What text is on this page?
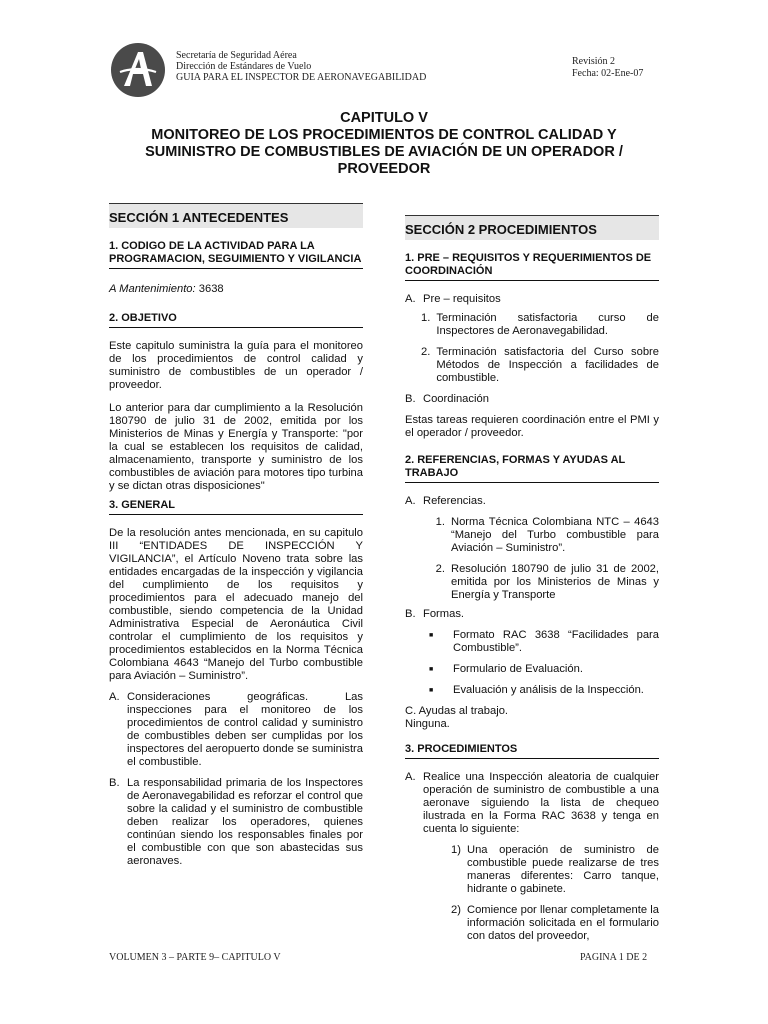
Secretaría de Seguridad Aérea
Dirección de Estándares de Vuelo
GUIA PARA EL INSPECTOR DE AERONAVEGABILIDAD
Revisión 2
Fecha: 02-Ene-07
CAPITULO V
MONITOREO DE LOS PROCEDIMIENTOS DE CONTROL CALIDAD Y
SUMINISTRO DE COMBUSTIBLES DE AVIACIÓN DE UN OPERADOR /
PROVEEDOR
SECCIÓN 1 ANTECEDENTES
1. CODIGO DE LA ACTIVIDAD PARA LA PROGRAMACION, SEGUIMIENTO Y VIGILANCIA

A Mantenimiento: 3638

2. OBJETIVO

Este capitulo suministra la guía para el monitoreo de los procedimientos de control calidad y suministro de combustibles de un operador / proveedor.

Lo anterior para dar cumplimiento a la Resolución 180790 de julio 31 de 2002, emitida por los Ministerios de Minas y Energía y Transporte: "por la cual se establecen los requisitos de calidad, almacenamiento, transporte y suministro de los combustibles de aviación para motores tipo turbina y se dictan otras disposiciones"

3. GENERAL

De la resolución antes mencionada, en su capitulo III “ENTIDADES DE INSPECCIÓN Y VIGILANCIA”, el Artículo Noveno trata sobre las entidades encargadas de la inspección y vigilancia del cumplimiento de los requisitos y procedimientos para el adecuado manejo del combustible, siendo competencia de la Unidad Administrativa Especial de Aeronáutica Civil controlar el cumplimiento de los requisitos y procedimientos establecidos en la Norma Técnica Colombiana 4643 “Manejo del Turbo combustible para Aviación – Suministro”.

A. Consideraciones geográficas. Las inspecciones para el monitoreo de los procedimientos de control calidad y suministro de combustibles deben ser cumplidas por los inspectores del aeropuerto donde se suministra el combustible.
B. La responsabilidad primaria de los Inspectores de Aeronavegabilidad es reforzar el control que sobre la calidad y el suministro de combustible deben realizar los operadores, quienes continúan siendo los responsables finales por el combustible con que son abastecidas sus aeronaves.
SECCIÓN 2 PROCEDIMIENTOS
1. PRE – REQUISITOS Y REQUERIMIENTOS DE COORDINACIÓN
A. Pre – requisitos
1. Terminación satisfactoria curso de Inspectores de Aeronavegabilidad.
2. Terminación satisfactoria del Curso sobre Métodos de Inspección a facilidades de combustible.
B. Coordinación

Estas tareas requieren coordinación entre el PMI y el operador / proveedor.

2. REFERENCIAS, FORMAS Y AYUDAS AL TRABAJO
A. Referencias.
1. Norma Técnica Colombiana NTC – 4643 “Manejo del Turbo combustible para Aviación – Suministro”.
2. Resolución 180790 de julio 31 de 2002, emitida por los Ministerios de Minas y Energía y Transporte
B. Formas.
■	Formato RAC 3638 “Facilidades para Combustible”.
■	Formulario de Evaluación.
■	Evaluación y análisis de la Inspección.

C. Ayudas al trabajo.

Ninguna.

3. PROCEDIMIENTOS
A. Realice una Inspección aleatoria de cualquier operación de suministro de combustible a una aeronave siguiendo la lista de chequeo ilustrada en la Forma RAC 3638 y tenga en cuenta lo siguiente:
1) Una operación de suministro de combustible puede realizarse de tres maneras diferentes: Carro tanque, hidrante o gabinete.
2) Comience por llenar completamente la información solicitada en el formulario con datos del proveedor,
VOLUMEN 3 – PARTE 9– CAPITULO V	PAGINA 1 DE 2
